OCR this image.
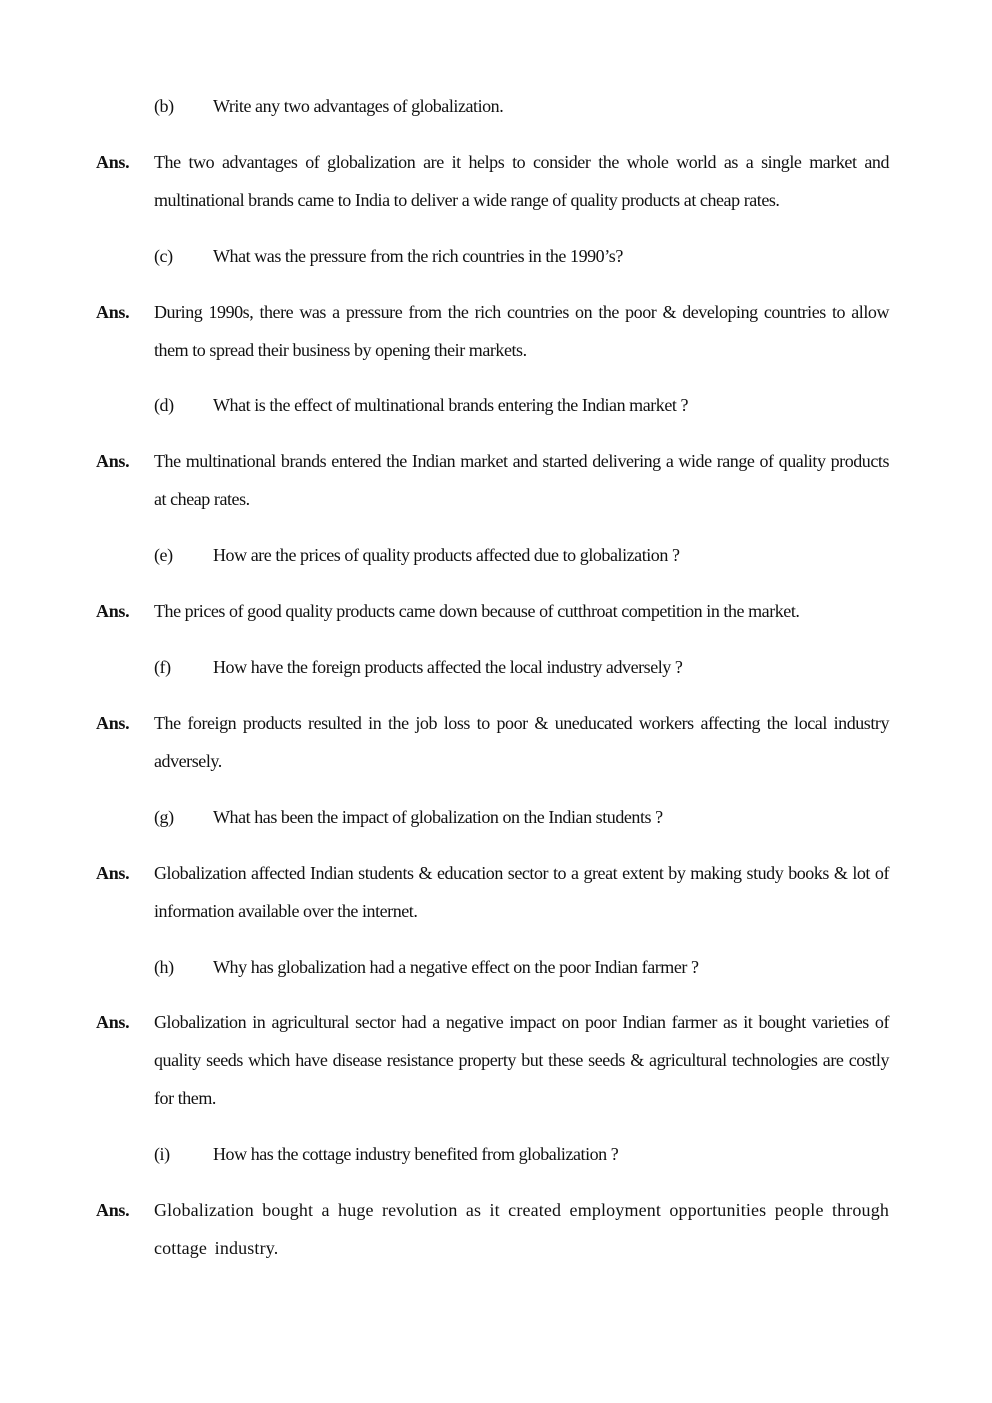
(b) Write any two advantages of globalization.
Ans. The two advantages of globalization are it helps to consider the whole world as a single market and multinational brands came to India to deliver a wide range of quality products at cheap rates.
(c) What was the pressure from the rich countries in the 1990’s?
Ans. During 1990s, there was a pressure from the rich countries on the poor & developing countries to allow them to spread their business by opening their markets.
(d) What is the effect of multinational brands entering the Indian market ?
Ans. The multinational brands entered the Indian market and started delivering a wide range of quality products at cheap rates.
(e) How are the prices of quality products affected due to globalization ?
Ans. The prices of good quality products came down because of cutthroat competition in the market.
(f) How have the foreign products affected the local industry adversely ?
Ans. The foreign products resulted in the job loss to poor & uneducated workers affecting the local industry adversely.
(g) What has been the impact of globalization on the Indian students ?
Ans. Globalization affected Indian students & education sector to a great extent by making study books & lot of information available over the internet.
(h) Why has globalization had a negative effect on the poor Indian farmer ?
Ans. Globalization in agricultural sector had a negative impact on poor Indian farmer as it bought varieties of quality seeds which have disease resistance property but these seeds & agricultural technologies are costly for them.
(i) How has the cottage industry benefited from globalization ?
Ans. Globalization bought a huge revolution as it created employment opportunities people through cottage industry.
